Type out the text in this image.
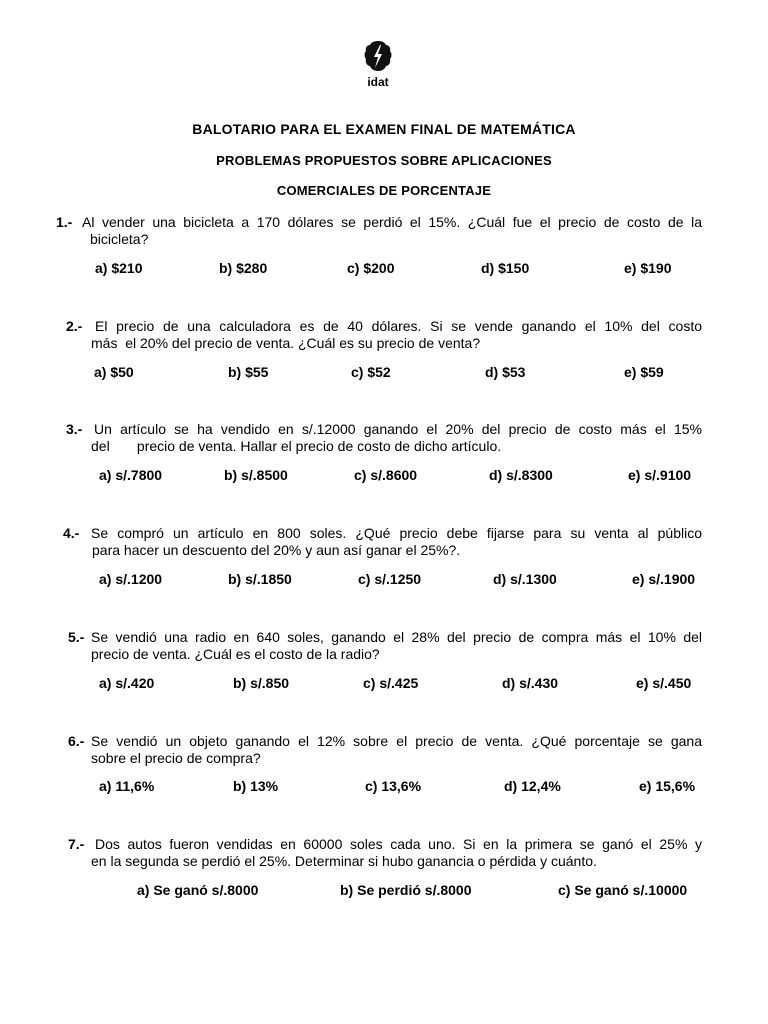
idat
BALOTARIO PARA EL EXAMEN FINAL DE MATEMÁTICA
PROBLEMAS PROPUESTOS SOBRE APLICACIONES
COMERCIALES DE PORCENTAJE
1.- Al vender una bicicleta a 170 dólares se perdió el 15%. ¿Cuál fue el precio de costo de la
bicicleta?
a) $210	b) $280	c) $200	d) $150	e) $190
2.- El precio de una calculadora es de 40 dólares. Si se vende ganando el 10% del costo
más  el 20% del precio de venta. ¿Cuál es su precio de venta?
a) $50	b) $55	c) $52	d) $53	e) $59
3.- Un artículo se ha vendido en s/.12000 ganando el 20% del precio de costo más el 15%
del       precio de venta. Hallar el precio de costo de dicho artículo.
a) s/.7800	b) s/.8500	c) s/.8600	d) s/.8300	e) s/.9100
4.- Se compró un artículo en 800 soles. ¿Qué precio debe fijarse para su venta al público
para hacer un descuento del 20% y aun así ganar el 25%?.
a) s/.1200	b) s/.1850	c) s/.1250	d) s/.1300	e) s/.1900
5.- Se vendió una radio en 640 soles, ganando el 28% del precio de compra más el 10% del
precio de venta. ¿Cuál es el costo de la radio?
a) s/.420	b) s/.850	c) s/.425	d) s/.430	e) s/.450
6.- Se vendió un objeto ganando el 12% sobre el precio de venta. ¿Qué porcentaje se gana
sobre el precio de compra?
a) 11,6%	b) 13%	c) 13,6%	d) 12,4%	e) 15,6%
7.- Dos autos fueron vendidas en 60000 soles cada uno. Si en la primera se ganó el 25% y
en la segunda se perdió el 25%. Determinar si hubo ganancia o pérdida y cuánto.
a) Se ganó s/.8000	b) Se perdió s/.8000	c) Se ganó s/.10000
